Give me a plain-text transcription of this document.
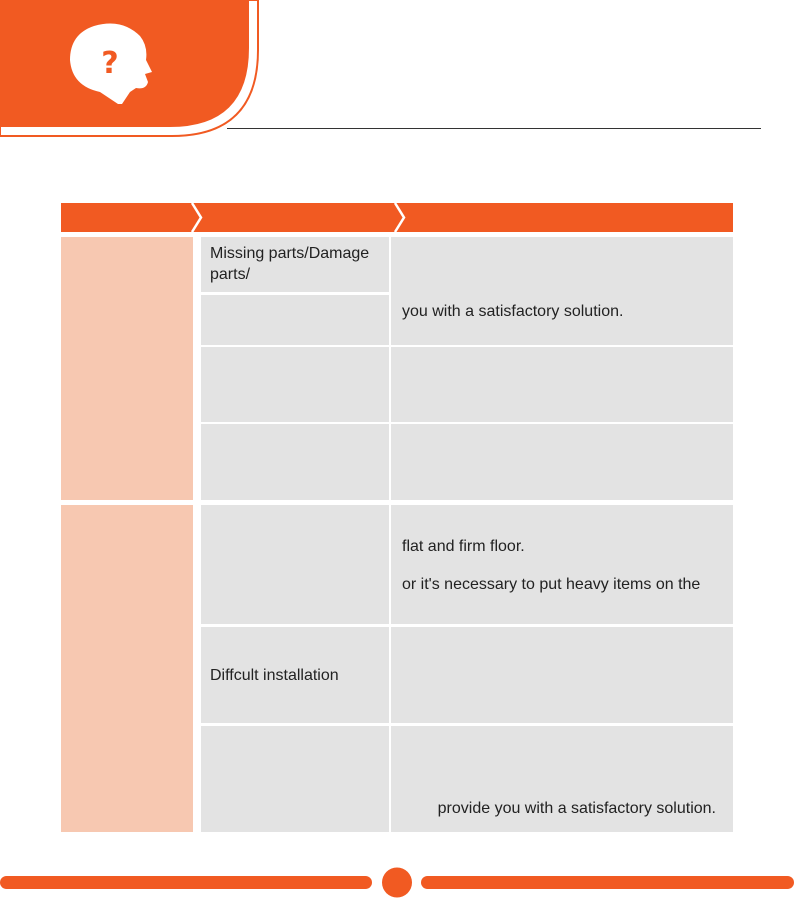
?
Missing parts/Damage parts/
you with a satisfactory solution.
flat and firm floor.
or it's necessary to put heavy items on the
Diffcult installation
provide you with a satisfactory solution.
